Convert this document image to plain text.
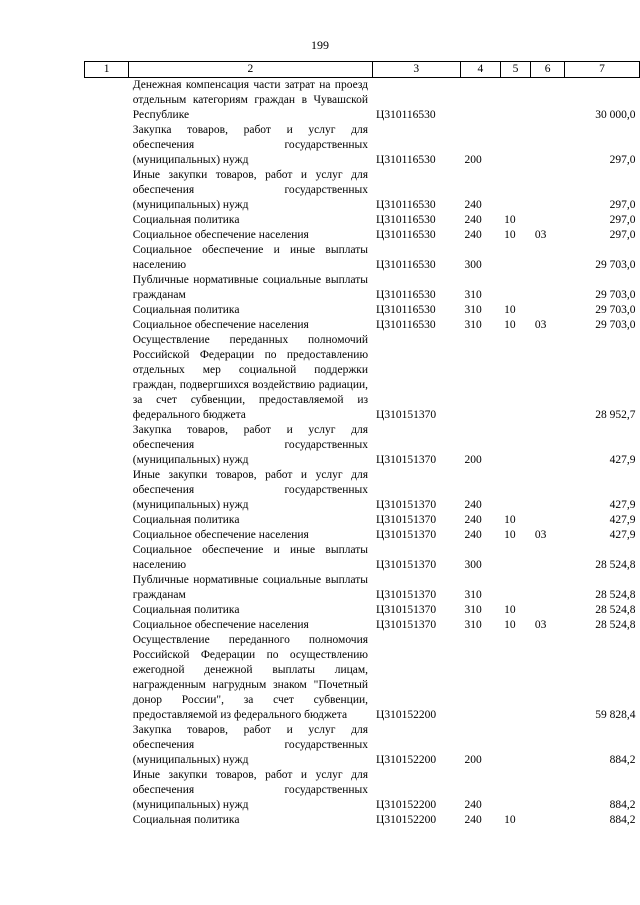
199
1	2	3	4	5	6	7
	Денежная компенсация части затрат на проезд отдельным категориям граждан в Чувашской Республике	Ц310116530				30 000,0
	Закупка товаров, работ и услуг для обеспечения государственных (муниципальных) нужд	Ц310116530	200			297,0
	Иные закупки товаров, работ и услуг для обеспечения государственных (муниципальных) нужд	Ц310116530	240			297,0
	Социальная политика	Ц310116530	240	10		297,0
	Социальное обеспечение населения	Ц310116530	240	10	03	297,0
	Социальное обеспечение и иные выплаты населению	Ц310116530	300			29 703,0
	Публичные нормативные социальные выплаты гражданам	Ц310116530	310			29 703,0
	Социальная политика	Ц310116530	310	10		29 703,0
	Социальное обеспечение населения	Ц310116530	310	10	03	29 703,0
	Осуществление переданных полномочий Российской Федерации по предоставлению отдельных мер социальной поддержки граждан, подвергшихся воздействию радиации, за счет субвенции, предоставляемой из федерального бюджета	Ц310151370				28 952,7
	Закупка товаров, работ и услуг для обеспечения государственных (муниципальных) нужд	Ц310151370	200			427,9
	Иные закупки товаров, работ и услуг для обеспечения государственных (муниципальных) нужд	Ц310151370	240			427,9
	Социальная политика	Ц310151370	240	10		427,9
	Социальное обеспечение населения	Ц310151370	240	10	03	427,9
	Социальное обеспечение и иные выплаты населению	Ц310151370	300			28 524,8
	Публичные нормативные социальные выплаты гражданам	Ц310151370	310			28 524,8
	Социальная политика	Ц310151370	310	10		28 524,8
	Социальное обеспечение населения	Ц310151370	310	10	03	28 524,8
	Осуществление переданного полномочия Российской Федерации по осуществлению ежегодной денежной выплаты лицам, награжденным нагрудным знаком "Почетный донор России", за счет субвенции, предоставляемой из федерального бюджета	Ц310152200				59 828,4
	Закупка товаров, работ и услуг для обеспечения государственных (муниципальных) нужд	Ц310152200	200			884,2
	Иные закупки товаров, работ и услуг для обеспечения государственных (муниципальных) нужд	Ц310152200	240			884,2
	Социальная политика	Ц310152200	240	10		884,2
